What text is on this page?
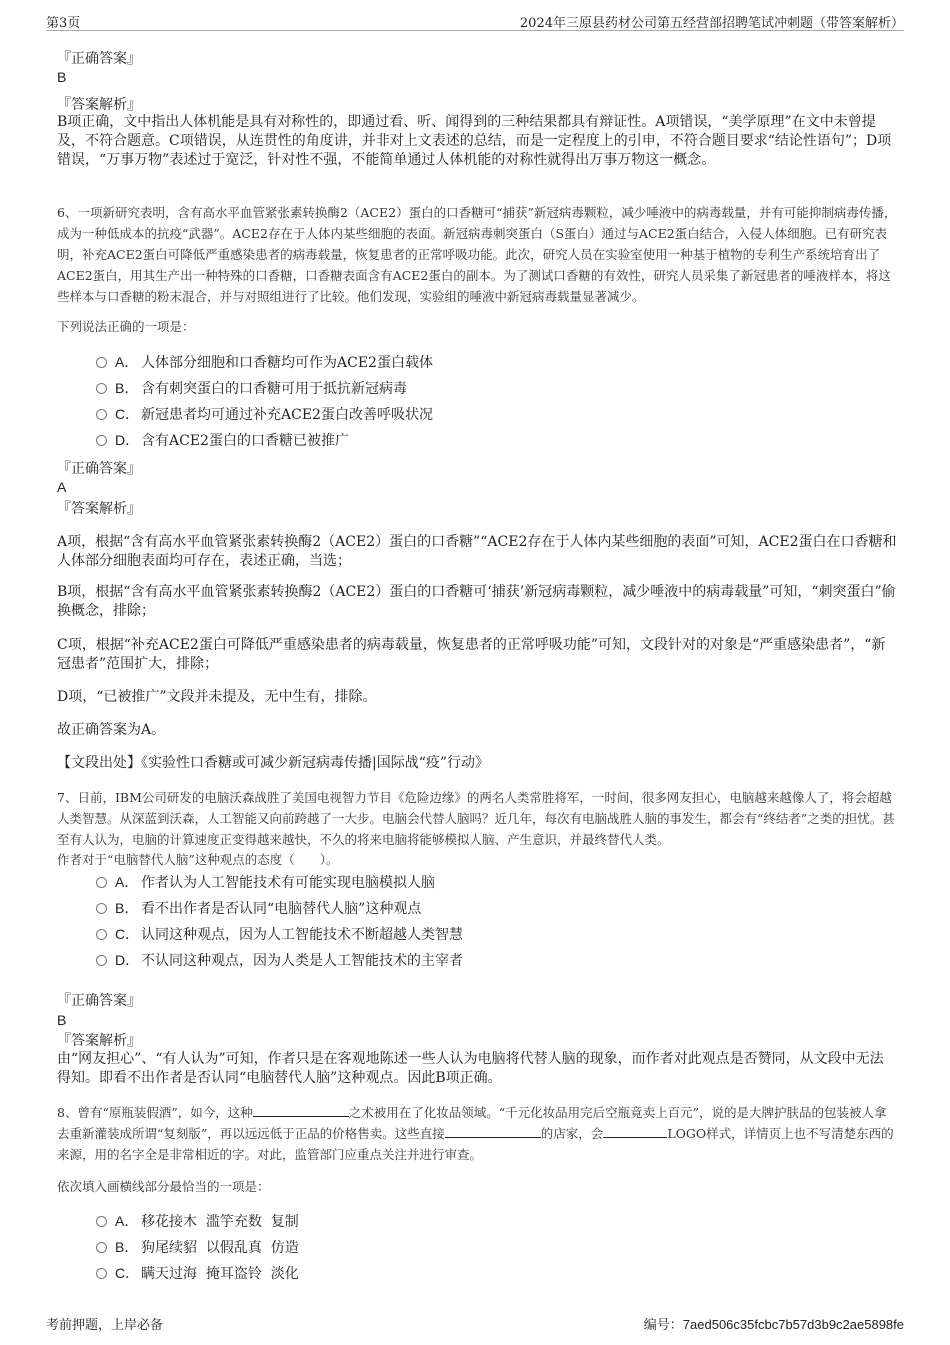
第3页	2024年三原县药材公司第五经营部招聘笔试冲刺题（带答案解析）
『正确答案』
B
『答案解析』
B项正确，文中指出人体机能是具有对称性的，即通过看、听、闻得到的三种结果都具有辩证性。A项错误，“美学原理”在文中未曾提及，不符合题意。C项错误，从连贯性的角度讲，并非对上文表述的总结，而是一定程度上的引申，不符合题目要求“结论性语句”；D项错误，“万事万物”表述过于宽泛，针对性不强，不能简单通过人体机能的对称性就得出万事万物这一概念。
6、一项新研究表明，含有高水平血管紧张素转换酶2（ACE2）蛋白的口香糖可“捕获”新冠病毒颗粒，减少唾液中的病毒载量，并有可能抑制病毒传播，成为一种低成本的抗疫“武器”。ACE2存在于人体内某些细胞的表面。新冠病毒刺突蛋白（S蛋白）通过与ACE2蛋白结合，入侵人体细胞。已有研究表明，补充ACE2蛋白可降低严重感染患者的病毒载量，恢复患者的正常呼吸功能。此次，研究人员在实验室使用一种基于植物的专利生产系统培育出了ACE2蛋白，用其生产出一种特殊的口香糖，口香糖表面含有ACE2蛋白的副本。为了测试口香糖的有效性，研究人员采集了新冠患者的唾液样本，将这些样本与口香糖的粉末混合，并与对照组进行了比较。他们发现，实验组的唾液中新冠病毒载量显著减少。
下列说法正确的一项是：
A． 人体部分细胞和口香糖均可作为ACE2蛋白载体
B． 含有刺突蛋白的口香糖可用于抵抗新冠病毒
C． 新冠患者均可通过补充ACE2蛋白改善呼吸状况
D． 含有ACE2蛋白的口香糖已被推广
『正确答案』
A
『答案解析』
A项，根据“含有高水平血管紧张素转换酶2（ACE2）蛋白的口香糖”“ACE2存在于人体内某些细胞的表面”可知，ACE2蛋白在口香糖和人体部分细胞表面均可存在，表述正确，当选；
B项，根据“含有高水平血管紧张素转换酶2（ACE2）蛋白的口香糖可‘捕获’新冠病毒颗粒，减少唾液中的病毒载量”可知，“刺突蛋白”偷换概念，排除；
C项，根据“补充ACE2蛋白可降低严重感染患者的病毒载量，恢复患者的正常呼吸功能”可知，文段针对的对象是“严重感染患者”，“新冠患者”范围扩大，排除；
D项，“已被推广”文段并未提及，无中生有，排除。
故正确答案为A。
【文段出处】《实验性口香糖或可减少新冠病毒传播|国际战“疫”行动》
7、日前，IBM公司研发的电脑沃森战胜了美国电视智力节目《危险边缘》的两名人类常胜将军，一时间，很多网友担心，电脑越来越像人了，将会超越人类智慧。从深蓝到沃森，人工智能又向前跨越了一大步。电脑会代替人脑吗？近几年，每次有电脑战胜人脑的事发生，都会有“终结者”之类的担忧。甚至有人认为，电脑的计算速度正变得越来越快，不久的将来电脑将能够模拟人脑、产生意识，并最终替代人类。
作者对于“电脑替代人脑”这种观点的态度（　　）。
A． 作者认为人工智能技术有可能实现电脑模拟人脑
B． 看不出作者是否认同“电脑替代人脑”这种观点
C． 认同这种观点，因为人工智能技术不断超越人类智慧
D． 不认同这种观点，因为人类是人工智能技术的主宰者
『正确答案』
B
『答案解析』
由“网友担心”、“有人认为”可知，作者只是在客观地陈述一些人认为电脑将代替人脑的现象，而作者对此观点是否赞同，从文段中无法得知。即看不出作者是否认同“电脑替代人脑”这种观点。因此B项正确。
8、曾有“原瓶装假酒”，如今，这种	之术被用在了化妆品领域。“千元化妆品用完后空瓶竟卖上百元”，说的是大牌护肤品的包装被人拿去重新灌装成所谓“复刻版”，再以远远低于正品的价格售卖。这些直接	的店家，会	LOGO样式，详情页上也不写清楚东西的来源，用的名字全是非常相近的字。对此，监管部门应重点关注并进行审查。
依次填入画横线部分最恰当的一项是：
A． 移花接木  滥竽充数  复制
B． 狗尾续貂  以假乱真  仿造
C． 瞒天过海  掩耳盗铃  淡化
考前押题，上岸必备	编号：7aed506c35fcbc7b57d3b9c2ae5898fe
